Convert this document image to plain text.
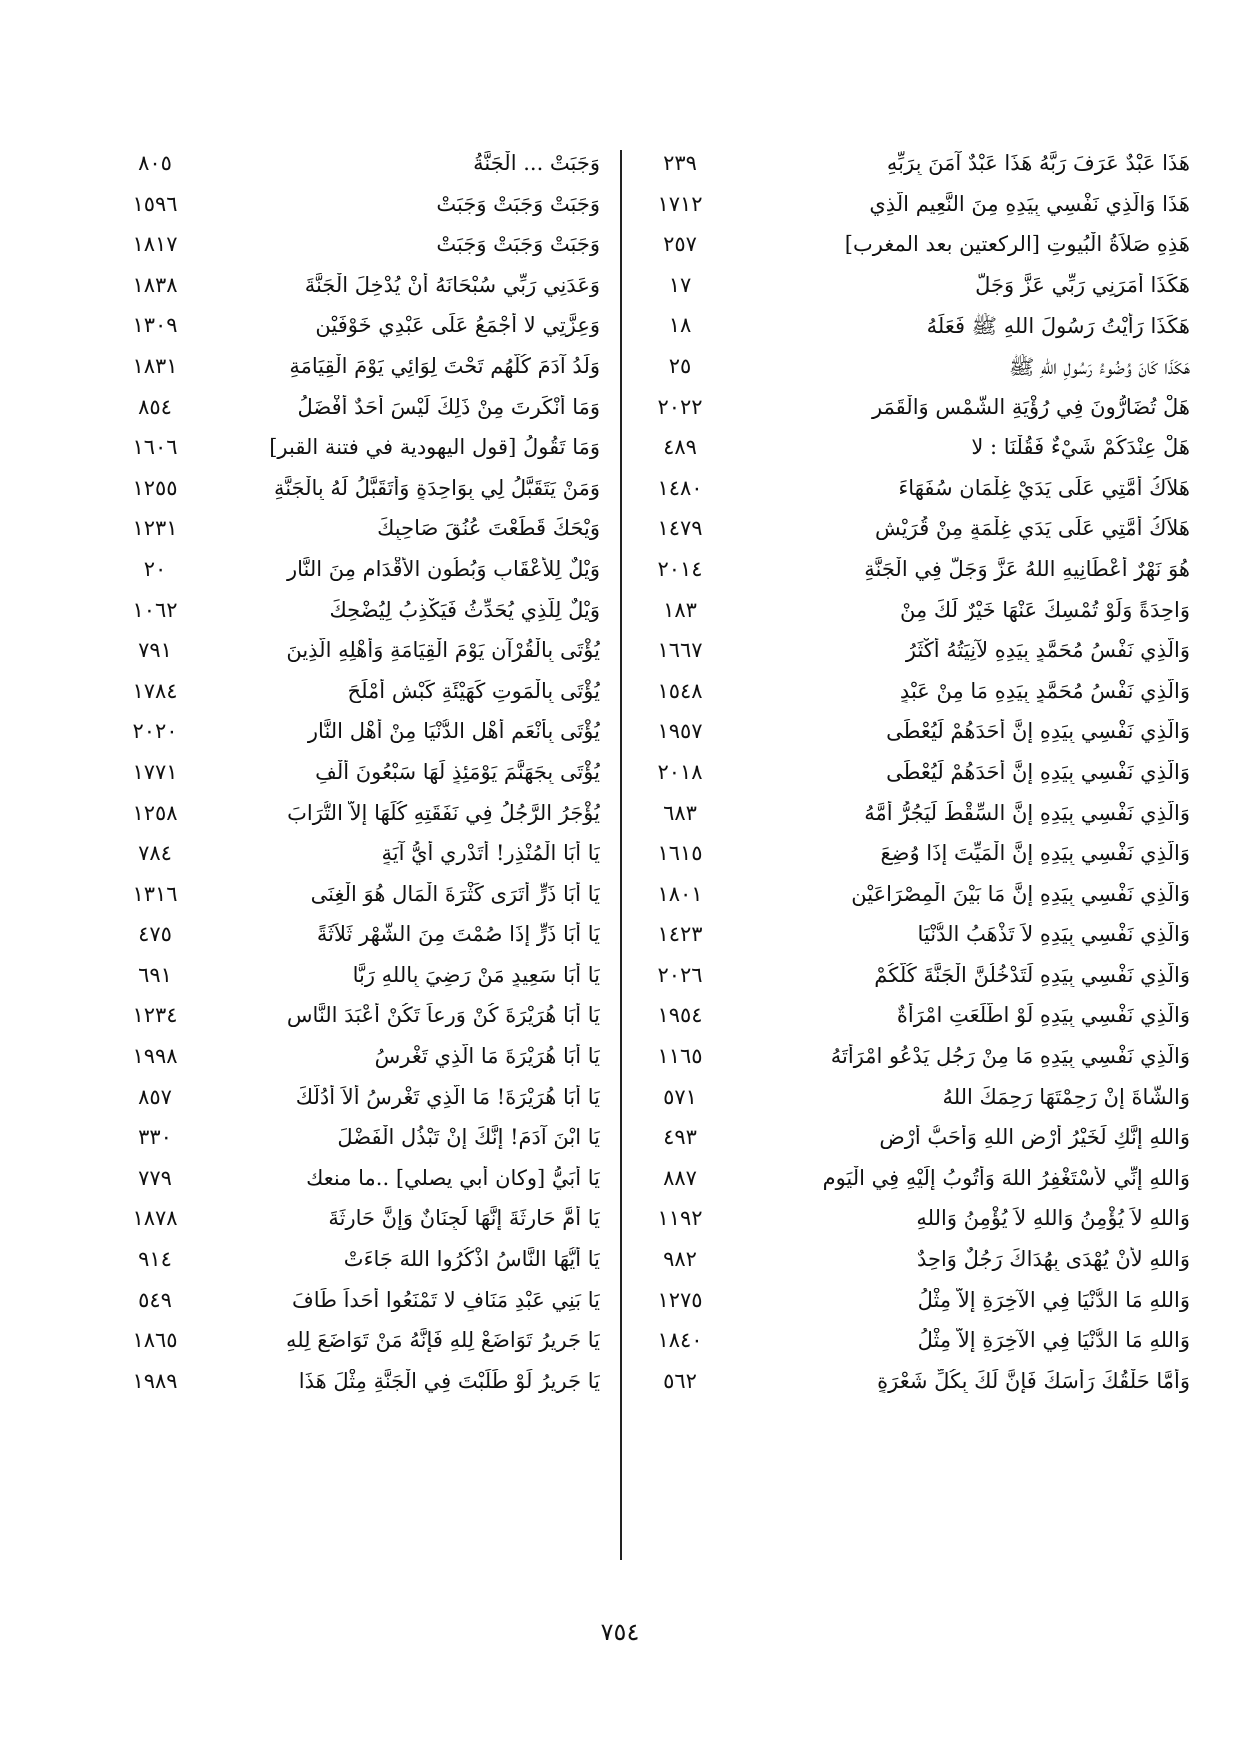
هَذَا عَبْدٌ عَرَفَ رَبَّهُ هَذَا عَبْدٌ آمَنَ بِرَبِّهِ
٢٣٩
هَذَا وَالَّذِي نَفْسِي بِيَدِهِ مِنَ النَّعِيمِ الَّذِي
١٧١٢
هَذِهِ صَلاَةُ الْبُيوتِ [الركعتين بعد المغرب]
٢٥٧
هَكَذَا أَمَرَنِي رَبِّي عَزَّ وَجَلَّ
١٧
هَكَذَا رَأَيْتُ رَسُولَ اللهِ ﷺ فَعَلَهُ
١٨
هَكَذَا كَانَ وُضُوءُ رَسُولِ اللهِ ﷺ
٢٥
هَلْ تُضَارُّونَ فِي رُؤْيَةِ الشَّمْسِ وَالْقَمَرِ
٢٠٢٢
هَلْ عِنْدَكُمْ شَيْءٌ فَقُلْنَا : لا
٤٨٩
هَلاَكُ أُمَّتِي عَلَى يَدَيْ غِلْمَانٍ سُفَهَاءَ
١٤٨٠
هَلاَكُ أُمَّتِي عَلَى يَدَيِ غِلْمَةٍ مِنْ قُرَيْشٍ
١٤٧٩
هُوَ نَهْرٌ أَعْطَانِيهِ اللهُ عَزَّ وَجَلَّ فِي الْجَنَّةِ
٢٠١٤
وَاحِدَةً وَلَوْ تُمْسِكَ عَنْهَا خَيْرٌ لَكَ مِنْ
١٨٣
وَالَّذِي نَفْسُ مُحَمَّدٍ بِيَدِهِ لآنِيَتُهُ أَكْثَرُ
١٦٦٧
وَالَّذِي نَفْسُ مُحَمَّدٍ بِيَدِهِ مَا مِنْ عَبْدٍ
١٥٤٨
وَالَّذِي نَفْسِي بِيَدِهِ إِنَّ أَحَدَهُمْ لَيُعْطَى
١٩٥٧
وَالَّذِي نَفْسِي بِيَدِهِ إِنَّ أَحَدَهُمْ لَيُعْطَى
٢٠١٨
وَالَّذِي نَفْسِي بِيَدِهِ إِنَّ السِّقْطَ لَيَجُرُّ أُمَّهُ
٦٨٣
وَالَّذِي نَفْسِي بِيَدِهِ إِنَّ الْمَيِّتَ إِذَا وُضِعَ
١٦١٥
وَالَّذِي نَفْسِي بِيَدِهِ إِنَّ مَا بَيْنَ الْمِصْرَاعَيْنِ
١٨٠١
وَالَّذِي نَفْسِي بِيَدِهِ لاَ تَذْهَبُ الدُّنْيَا
١٤٢٣
وَالَّذِي نَفْسِي بِيَدِهِ لَتَدْخُلُنَّ الْجَنَّةَ كُلُّكُمْ
٢٠٢٦
وَالَّذِي نَفْسِي بِيَدِهِ لَوْ اطَّلَعَتِ امْرَأَةٌ
١٩٥٤
وَالَّذِي نَفْسِي بِيَدِهِ مَا مِنْ رَجُلٍ يَدْعُو امْرَأَتَهُ
١١٦٥
وَالشَّاةَ إِنْ رَحِمْتَهَا رَحِمَكَ اللهُ
٥٧١
وَاللهِ إِنَّكِ لَخَيْرُ أَرْضِ اللهِ وَأَحَبُّ أَرْضِ
٤٩٣
وَاللهِ إِنِّي لأَسْتَغْفِرُ اللهَ وَأَتُوبُ إِلَيْهِ فِي الْيَومِ
٨٨٧
وَاللهِ لاَ يُؤْمِنُ وَاللهِ لاَ يُؤْمِنُ وَاللهِ
١١٩٢
وَاللهِ لأَنْ يُهْدَى بِهُدَاكَ رَجُلٌ وَاحِدٌ
٩٨٢
وَاللهِ مَا الدُّنْيَا فِي الآخِرَةِ إِلاَّ مِثْلُ
١٢٧٥
وَاللهِ مَا الدُّنْيَا فِي الآخِرَةِ إِلاَّ مِثْلُ
١٨٤٠
وَأَمَّا حَلْقُكَ رَأْسَكَ فَإِنَّ لَكَ بِكُلِّ شَعْرَةٍ
٥٦٢
وَجَبَتْ ... الْجَنَّةُ
٨٠٥
وَجَبَتْ وَجَبَتْ وَجَبَتْ
١٥٩٦
وَجَبَتْ وَجَبَتْ وَجَبَتْ
١٨١٧
وَعَدَنِي رَبِّي سُبْحَانَهُ أَنْ يُدْخِلَ الْجَنَّةَ
١٨٣٨
وَعِزَّتِي لا أَجْمَعُ عَلَى عَبْدِي خَوْفَيْنِ
١٣٠٩
وَلَدُ آدَمَ كُلُّهُم تَحْتَ لِوَائِي يَوْمَ الْقِيَامَةِ
١٨٣١
وَمَا أَنْكَرتَ مِنْ ذَلِكَ لَيْسَ أَحَدٌ أَفْضَلُ
٨٥٤
وَمَا تَقُولُ [قول اليهودية في فتنة القبر]
١٦٠٦
وَمَنْ يَتَقَبَّلُ لِي بِوَاحِدَةٍ وَأَتَقَبَّلُ لَهُ بِالْجَنَّةِ
١٢٥٥
وَيْحَكَ قَطَعْتَ عُنُقَ صَاحِبِكَ
١٢٣١
وَيْلٌ لِلأَعْقَابِ وَبُطُونِ الأَقْدَامِ مِنَ النَّارِ
٢٠
وَيْلٌ لِلَّذِي يُحَدِّثُ فَيَكْذِبُ لِيُضْحِكَ
١٠٦٢
يُؤْتَى بِالْقُرْآنِ يَوْمَ الْقِيَامَةِ وَأَهْلِهِ الَّذِينَ
٧٩١
يُؤْتَى بِالْمَوتِ كَهَيْئَةِ كَبْشٍ أَمْلَحَ
١٧٨٤
يُؤْتَى بِأَنْعَمِ أَهْلِ الدُّنْيَا مِنْ أَهْلِ النَّارِ
٢٠٢٠
يُؤْتَى بِجَهَنَّمَ يَوْمَئِذٍ لَهَا سَبْعُونَ أَلْفِ
١٧٧١
يُؤْجَرُ الرَّجُلُ فِي نَفَقَتِهِ كُلِّهَا إِلاَّ التُّرَابَ
١٢٥٨
يَا أَبَا الْمُنْذِرِ! أَتَدْرِي أَيُّ آيَةٍ
٧٨٤
يَا أَبَا ذَرٍّ أَتَرَى كَثْرَةَ الْمَالِ هُوَ الْغِنَى
١٣١٦
يَا أَبَا ذَرٍّ إِذَا صُمْتَ مِنَ الشَّهْرِ ثَلاَثَةً
٤٧٥
يَا أَبَا سَعِيدٍ مَنْ رَضِيَ بِاللهِ رَبًّا
٦٩١
يَا أَبَا هُرَيْرَةَ كُنْ وَرِعاً تَكُنْ أَعْبَدَ النَّاسِ
١٢٣٤
يَا أَبَا هُرَيْرَةَ مَا الَّذِي تَغْرِسُ
١٩٩٨
يَا أَبَا هُرَيْرَةَ! مَا الَّذِي تَغْرِسُ أَلاَ أَدُلُّكَ
٨٥٧
يَا ابْنَ آدَمَ! إِنَّكَ إِنْ تَبْذُلِ الْفَضْلَ
٣٣٠
يَا أُبَيُّ [وكان أبي يصلي] ..ما منعك
٧٧٩
يَا أُمَّ حَارِثَةَ إِنَّهَا لَجِنَانٌ وَإِنَّ حَارِثَةَ
١٨٧٨
يَا أَيُّهَا النَّاسُ اذْكُرُوا اللهَ جَاءَتْ
٩١٤
يَا بَنِي عَبْدِ مَنَافٍ لا تَمْنَعُوا أَحَداً طَافَ
٥٤٩
يَا جَرِيرُ تَوَاضَعْ لِلهِ فَإِنَّهُ مَنْ تَوَاضَعَ لِلهِ
١٨٦٥
يَا جَرِيرُ لَوْ طَلَبْتَ فِي الْجَنَّةِ مِثْلَ هَذَا
١٩٨٩
٧٥٤
